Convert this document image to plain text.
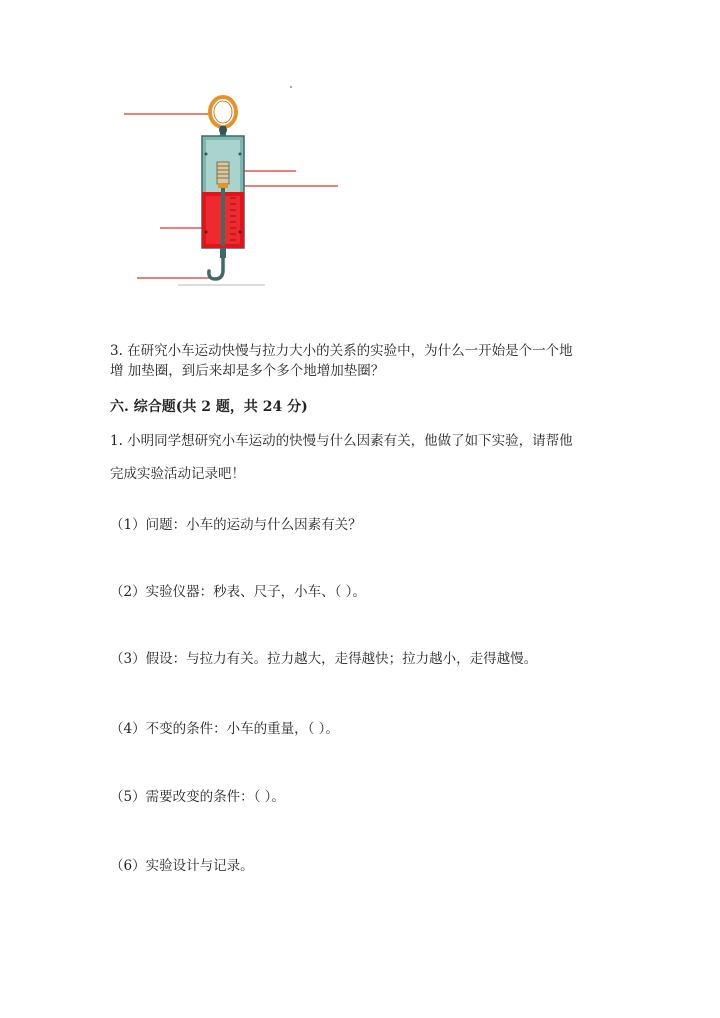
3. 在研究小车运动快慢与拉力大小的关系的实验中，为什么一开始是个一个地
增 加垫圈，到后来却是多个多个地增加垫圈？
六. 综合题(共 2 题，共 24 分)
1. 小明同学想研究小车运动的快慢与什么因素有关，他做了如下实验，请帮他
完成实验活动记录吧！
（1）问题：小车的运动与什么因素有关？
（2）实验仪器：秒表、尺子，小车、（ ）。
（3）假设：与拉力有关。拉力越大，走得越快；拉力越小，走得越慢。
（4）不变的条件：小车的重量，（ ）。
（5）需要改变的条件：（ ）。
（6）实验设计与记录。
